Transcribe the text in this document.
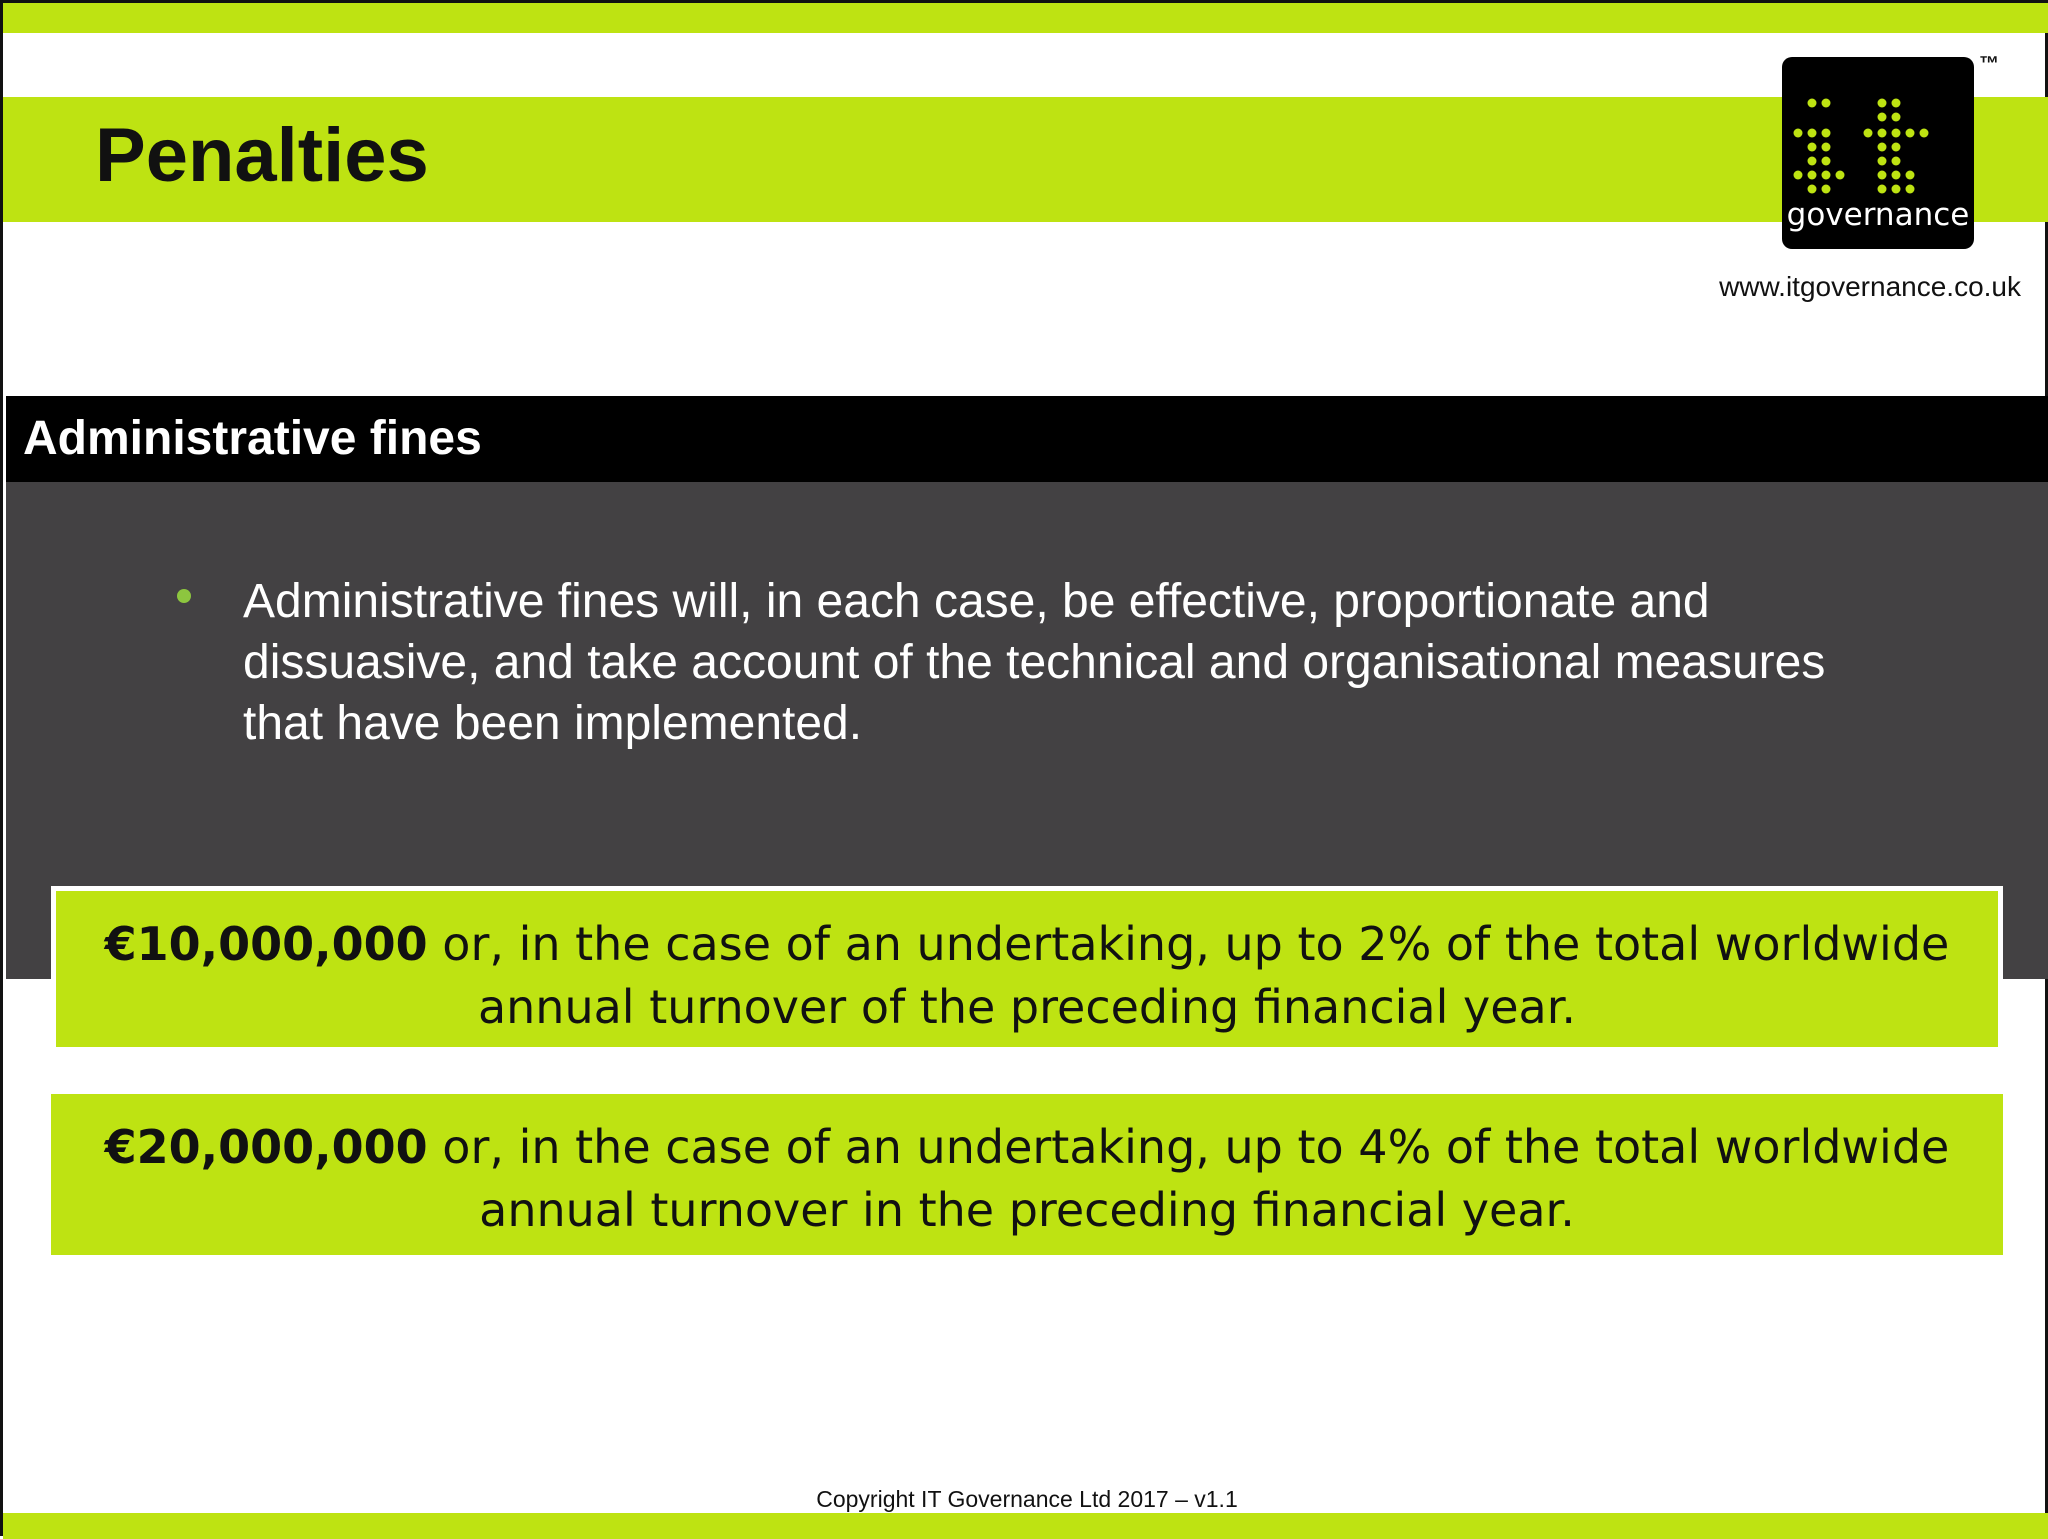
Penalties
governance
™
www.itgovernance.co.uk
Administrative fines
Administrative fines will, in each case, be effective, proportionate and dissuasive, and take account of the technical and organisational measures that have been implemented.
€10,000,000 or, in the case of an undertaking, up to 2% of the total worldwide annual turnover of the preceding financial year.
€20,000,000 or, in the case of an undertaking, up to 4% of the total worldwide annual turnover in the preceding financial year.
Copyright IT Governance Ltd 2017 – v1.1
